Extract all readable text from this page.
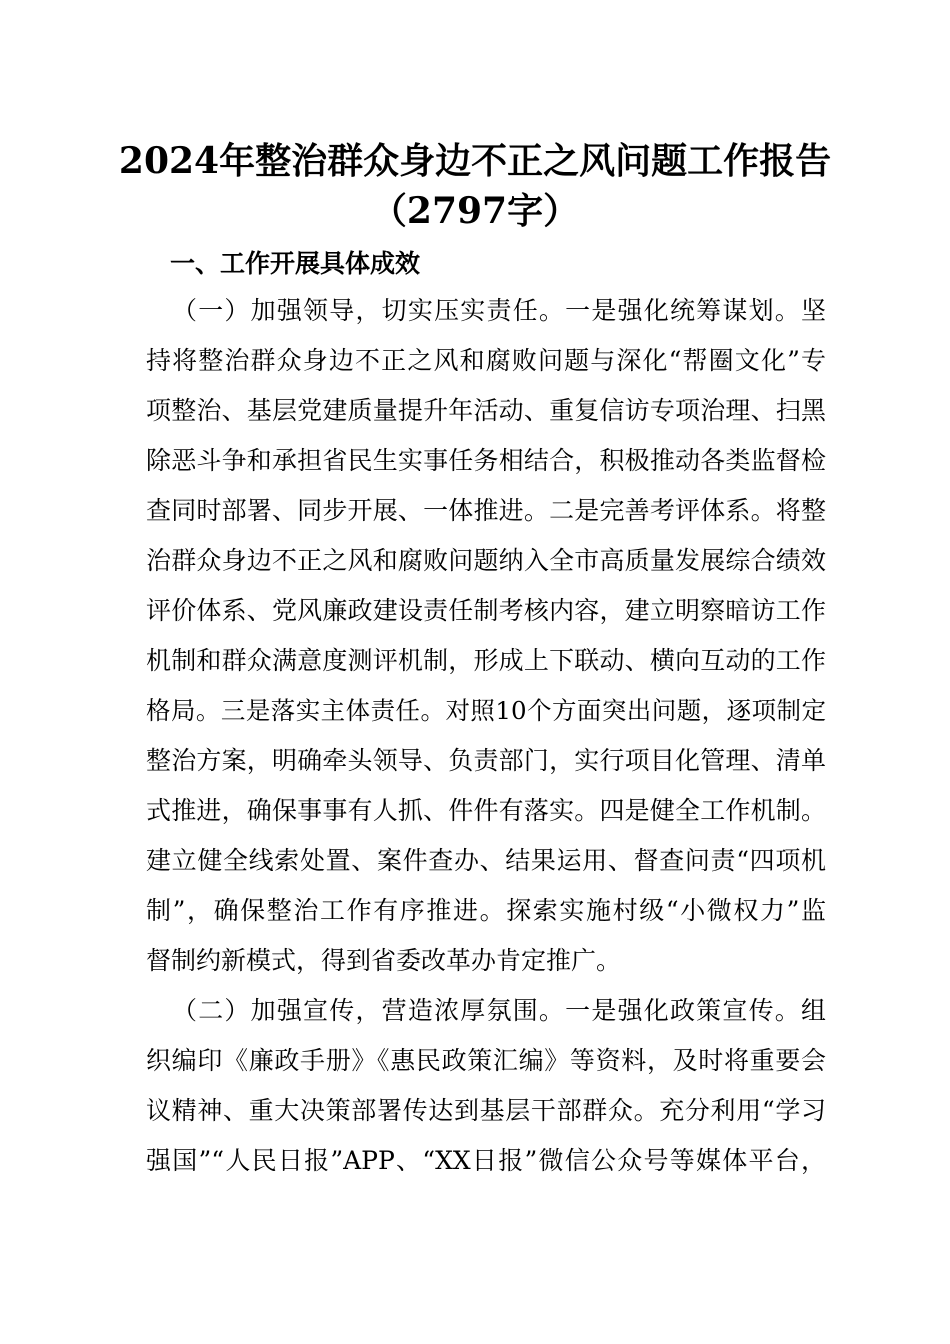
2024年整治群众身边不正之风问题工作报告
（2797字）
一、工作开展具体成效
（一）加强领导，切实压实责任。一是强化统筹谋划。坚
持将整治群众身边不正之风和腐败问题与深化“帮圈文化”专
项整治、基层党建质量提升年活动、重复信访专项治理、扫黑
除恶斗争和承担省民生实事任务相结合，积极推动各类监督检
查同时部署、同步开展、一体推进。二是完善考评体系。将整
治群众身边不正之风和腐败问题纳入全市高质量发展综合绩效
评价体系、党风廉政建设责任制考核内容，建立明察暗访工作
机制和群众满意度测评机制，形成上下联动、横向互动的工作
格局。三是落实主体责任。对照10个方面突出问题，逐项制定
整治方案，明确牵头领导、负责部门，实行项目化管理、清单
式推进，确保事事有人抓、件件有落实。四是健全工作机制。
建立健全线索处置、案件查办、结果运用、督查问责“四项机
制”，确保整治工作有序推进。探索实施村级“小微权力”监
督制约新模式，得到省委改革办肯定推广。
（二）加强宣传，营造浓厚氛围。一是强化政策宣传。组
织编印《廉政手册》《惠民政策汇编》等资料，及时将重要会
议精神、重大决策部署传达到基层干部群众。充分利用“学习
强国”“人民日报”APP、“XX日报”微信公众号等媒体平台，
